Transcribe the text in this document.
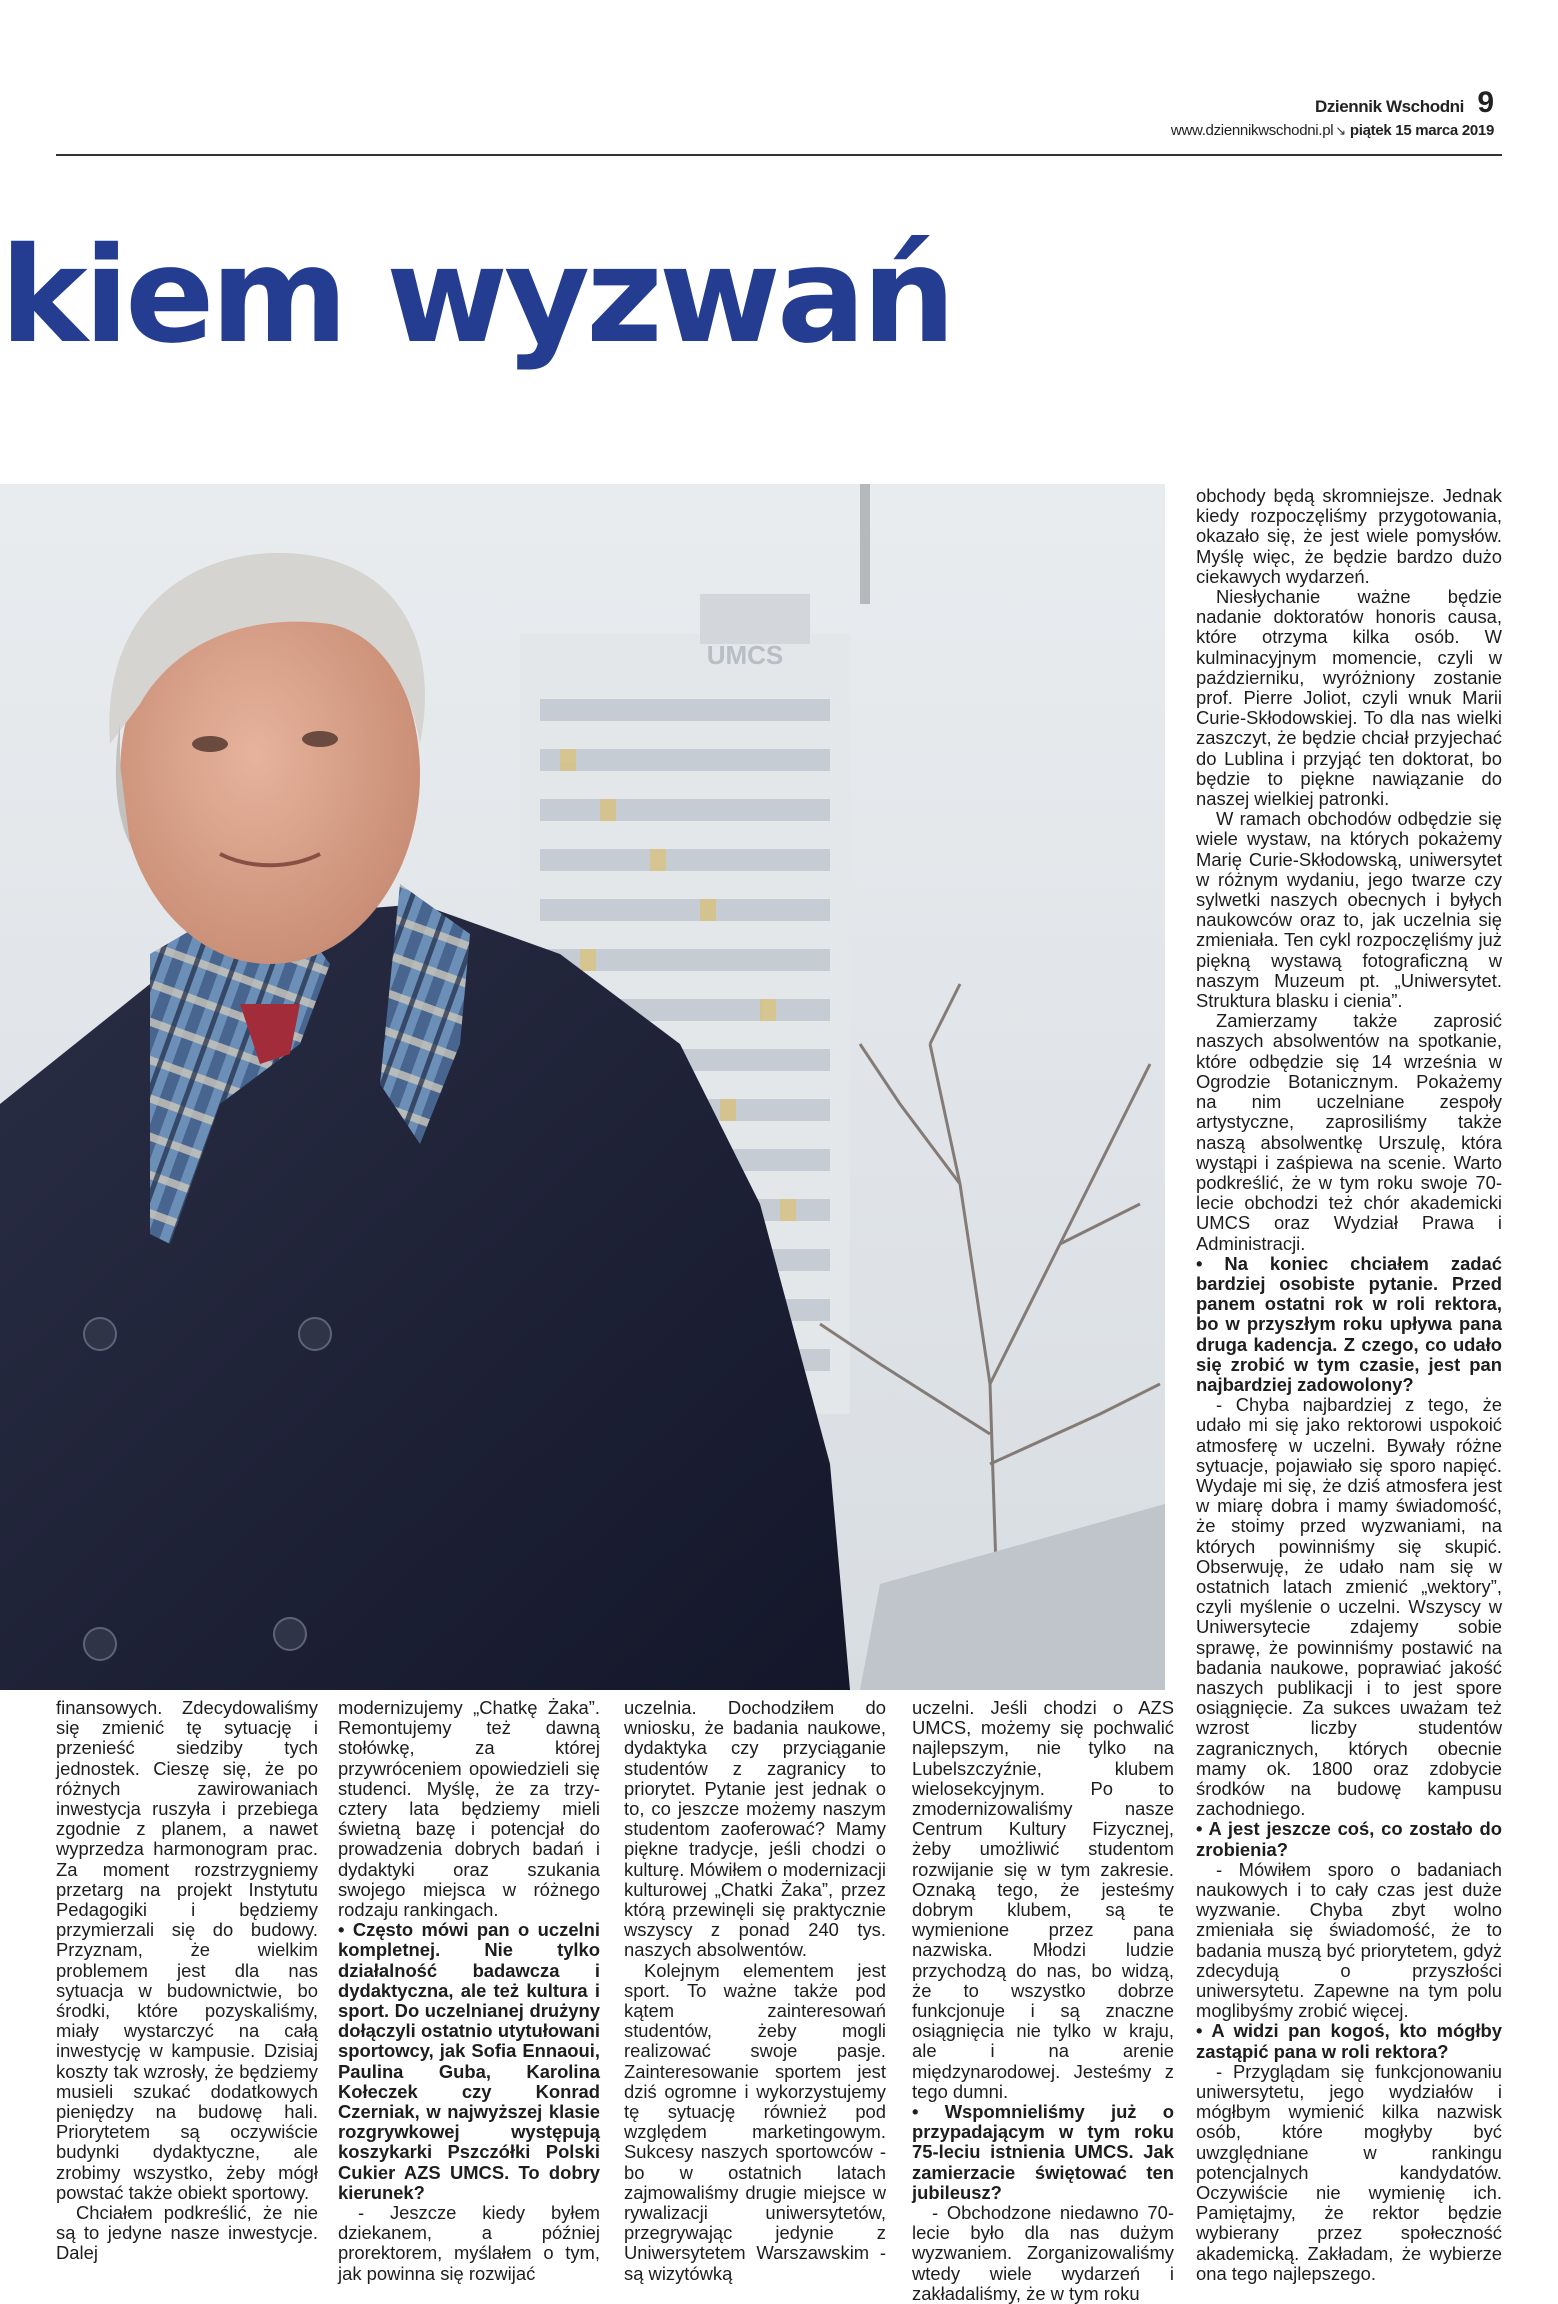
Dziennik Wschodni 9
www.dziennikwschodni.pl ↘ piątek 15 marca 2019
kiem wyzwań
UMCS

obchody będą skromniejsze. Jednak kiedy rozpoczęliśmy przygotowania, okazało się, że jest wiele pomysłów. Myślę więc, że będzie bardzo dużo ciekawych wydarzeń.

Niesłychanie ważne będzie nadanie doktoratów honoris causa, które otrzyma kilka osób. W kulminacyjnym momencie, czyli w październiku, wyróżniony zostanie prof. Pierre Joliot, czyli wnuk Marii Curie-Skłodowskiej. To dla nas wielki zaszczyt, że będzie chciał przyjechać do Lublina i przyjąć ten doktorat, bo będzie to piękne nawiązanie do naszej wielkiej patronki.

W ramach obchodów odbędzie się wiele wystaw, na których pokażemy Marię Curie-Skłodowską, uniwersytet w różnym wydaniu, jego twarze czy sylwetki naszych obecnych i byłych naukowców oraz to, jak uczelnia się zmieniała. Ten cykl rozpoczęliśmy już piękną wystawą fotograficzną w naszym Muzeum pt. „Uniwersytet. Struktura blasku i cienia”.

Zamierzamy także zaprosić naszych absolwentów na spotkanie, które odbędzie się 14 września w Ogrodzie Botanicznym. Pokażemy na nim uczelniane zespoły artystyczne, zaprosiliśmy także naszą absolwentkę Urszulę, która wystąpi i zaśpiewa na scenie. Warto podkreślić, że w tym roku swoje 70-lecie obchodzi też chór akademicki UMCS oraz Wydział Prawa i Administracji.

• Na koniec chciałem zadać bardziej osobiste pytanie. Przed panem ostatni rok w roli rektora, bo w przyszłym roku upływa pana druga kadencja. Z czego, co udało się zrobić w tym czasie, jest pan najbardziej zadowolony?

- Chyba najbardziej z tego, że udało mi się jako rektorowi uspokoić atmosferę w uczelni. Bywały różne sytuacje, pojawiało się sporo napięć. Wydaje mi się, że dziś atmosfera jest w miarę dobra i mamy świadomość, że stoimy przed wyzwaniami, na których powinniśmy się skupić. Obserwuję, że udało nam się w ostatnich latach zmienić „wektory”, czyli myślenie o uczelni. Wszyscy w Uniwersytecie zdajemy sobie sprawę, że powinniśmy postawić na badania naukowe, poprawiać jakość naszych publikacji i to jest spore osiągnięcie. Za sukces uważam też wzrost liczby studentów zagranicznych, których obecnie mamy ok. 1800 oraz zdobycie środków na budowę kampusu zachodniego.

• A jest jeszcze coś, co zostało do zrobienia?

- Mówiłem sporo o badaniach naukowych i to cały czas jest duże wyzwanie. Chyba zbyt wolno zmieniała się świadomość, że to badania muszą być priorytetem, gdyż zdecydują o przyszłości uniwersytetu. Zapewne na tym polu moglibyśmy zrobić więcej.

• A widzi pan kogoś, kto mógłby zastąpić pana w roli rektora?

- Przyglądam się funkcjonowaniu uniwersytetu, jego wydziałów i mógłbym wymienić kilka nazwisk osób, które mogłyby być uwzględniane w rankingu potencjalnych kandydatów. Oczywiście nie wymienię ich. Pamiętajmy, że rektor będzie wybierany przez społeczność akademicką. Zakładam, że wybierze ona tego najlepszego.

finansowych. Zdecydowaliśmy się zmienić tę sytuację i przenieść siedziby tych jednostek. Cieszę się, że po różnych zawirowaniach inwestycja ruszyła i przebiega zgodnie z planem, a nawet wyprzedza harmonogram prac. Za moment rozstrzygniemy przetarg na projekt Instytutu Pedagogiki i będziemy przymierzali się do budowy. Przyznam, że wielkim problemem jest dla nas sytuacja w budownictwie, bo środki, które pozyskaliśmy, miały wystarczyć na całą inwestycję w kampusie. Dzisiaj koszty tak wzrosły, że będziemy musieli szukać dodatkowych pieniędzy na budowę hali. Priorytetem są oczywiście budynki dydaktyczne, ale zrobimy wszystko, żeby mógł powstać także obiekt sportowy.

Chciałem podkreślić, że nie są to jedyne nasze inwestycje. Dalej

modernizujemy „Chatkę Żaka”. Remontujemy też dawną stołówkę, za której przywróceniem opowiedzieli się studenci. Myślę, że za trzy-cztery lata będziemy mieli świetną bazę i potencjał do prowadzenia dobrych badań i dydaktyki oraz szukania swojego miejsca w różnego rodzaju rankingach.

• Często mówi pan o uczelni kompletnej. Nie tylko działalność badawcza i dydaktyczna, ale też kultura i sport. Do uczelnianej drużyny dołączyli ostatnio utytułowani sportowcy, jak Sofia Ennaoui, Paulina Guba, Karolina Kołeczek czy Konrad Czerniak, w najwyższej klasie rozgrywkowej występują koszykarki Pszczółki Polski Cukier AZS UMCS. To dobry kierunek?

- Jeszcze kiedy byłem dziekanem, a później prorektorem, myślałem o tym, jak powinna się rozwijać

uczelnia. Dochodziłem do wniosku, że badania naukowe, dydaktyka czy przyciąganie studentów z zagranicy to priorytet. Pytanie jest jednak o to, co jeszcze możemy naszym studentom zaoferować? Mamy piękne tradycje, jeśli chodzi o kulturę. Mówiłem o modernizacji kulturowej „Chatki Żaka”, przez którą przewinęli się praktycznie wszyscy z ponad 240 tys. naszych absolwentów.

Kolejnym elementem jest sport. To ważne także pod kątem zainteresowań studentów, żeby mogli realizować swoje pasje. Zainteresowanie sportem jest dziś ogromne i wykorzystujemy tę sytuację również pod względem marketingowym. Sukcesy naszych sportowców - bo w ostatnich latach zajmowaliśmy drugie miejsce w rywalizacji uniwersytetów, przegrywając jedynie z Uniwersytetem Warszawskim - są wizytówką

uczelni. Jeśli chodzi o AZS UMCS, możemy się pochwalić najlepszym, nie tylko na Lubelszczyźnie, klubem wielosekcyjnym. Po to zmodernizowaliśmy nasze Centrum Kultury Fizycznej, żeby umożliwić studentom rozwijanie się w tym zakresie. Oznaką tego, że jesteśmy dobrym klubem, są te wymienione przez pana nazwiska. Młodzi ludzie przychodzą do nas, bo widzą, że to wszystko dobrze funkcjonuje i są znaczne osiągnięcia nie tylko w kraju, ale i na arenie międzynarodowej. Jesteśmy z tego dumni.

• Wspomnieliśmy już o przypadającym w tym roku 75-leciu istnienia UMCS. Jak zamierzacie świętować ten jubileusz?

- Obchodzone niedawno 70-lecie było dla nas dużym wyzwaniem. Zorganizowaliśmy wtedy wiele wydarzeń i zakładaliśmy, że w tym roku
